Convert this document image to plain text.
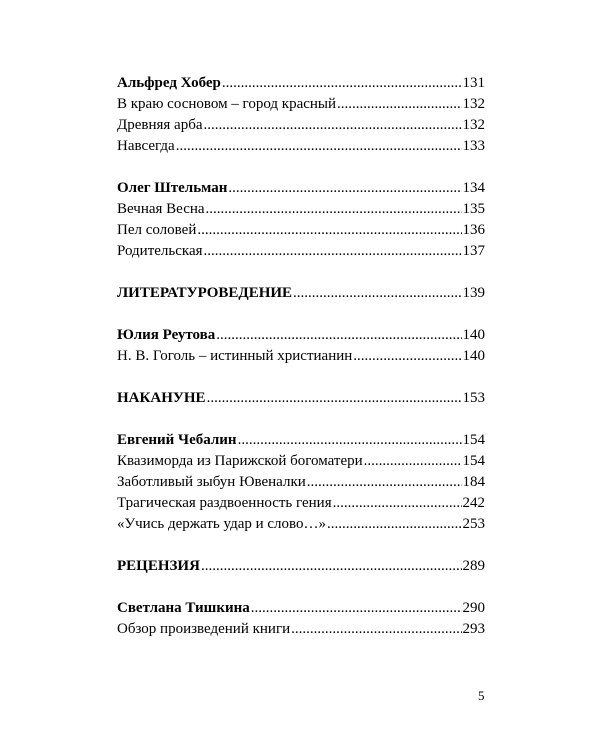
Альфред Хобер .....	131
В краю сосновом – город красный .....	132
Древняя арба .....	132
Навсегда .....	133
Олег Штельман .....	134
Вечная Весна .....	135
Пел соловей .....	136
Родительская .....	137
ЛИТЕРАТУРОВЕДЕНИЕ .....	139
Юлия Реутова .....	140
Н. В. Гоголь – истинный христианин .....	140
НАКАНУНЕ .....	153
Евгений Чебалин .....	154
Квазиморда из Парижской богоматери .....	154
Заботливый зыбун Ювеналки .....	184
Трагическая раздвоенность гения .....	242
«Учись держать удар и слово…» .....	253
РЕЦЕНЗИЯ .....	289
Светлана Тишкина .....	290
Обзор произведений книги .....	293
5
